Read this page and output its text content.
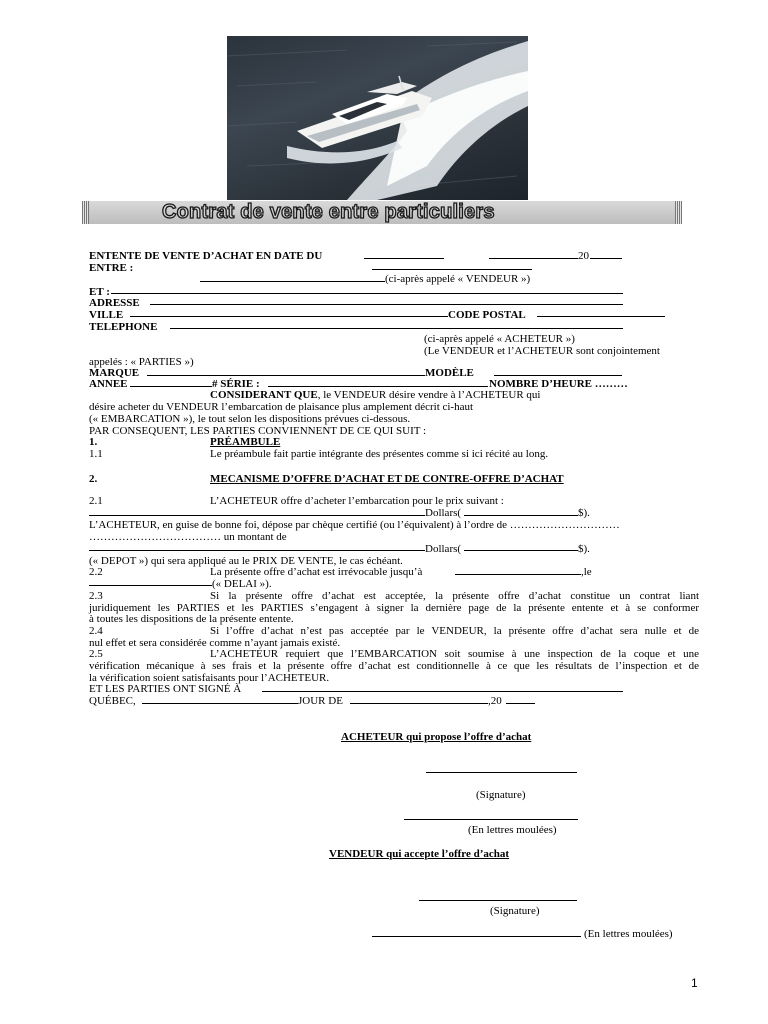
Contrat de vente entre particuliers
ENTENTE DE VENTE D’ACHAT EN DATE DU	20
ENTRE :
(ci-après appelé « VENDEUR »)
ET :
ADRESSE
VILLE	CODE POSTAL
TELEPHONE
(ci-après appelé « ACHETEUR »)
(Le VENDEUR et l’ACHETEUR sont conjointement
appelés : « PARTIES »)
MARQUE	MODÈLE
ANNEE	# SÉRIE :	NOMBRE D’HEURE ………
CONSIDERANT QUE, le VENDEUR désire vendre à l’ACHETEUR qui
désire acheter du VENDEUR l’embarcation de plaisance plus amplement décrit ci-haut
(« EMBARCATION »), le tout selon les dispositions prévues ci-dessous.
PAR CONSEQUENT, LES PARTIES CONVIENNENT DE CE QUI SUIT :
1.	PRÉAMBULE
1.1	Le préambule fait partie intégrante des présentes comme si ici récité au long.
2.	MECANISME D’OFFRE D’ACHAT ET DE CONTRE-OFFRE D’ACHAT
2.1	L’ACHETEUR offre d’acheter l’embarcation pour le prix suivant :
Dollars(	$).
L’ACHETEUR, en guise de bonne foi, dépose par chèque certifié (ou l’équivalent) à l’ordre de …………………………
……………………………… un montant de
Dollars(	$).
(« DEPOT ») qui sera appliqué au le PRIX DE VENTE, le cas échéant.
2.2	La présente offre d’achat est irrévocable jusqu’à	,le
(« DELAI »).
2.3	Si la présente offre d’achat est acceptée, la présente offre d’achat constitue un contrat liant
juridiquement les PARTIES et les PARTIES s’engagent à signer la dernière page de la présente entente et à se conformer
à toutes les dispositions de la présente entente.
2.4	Si l’offre d’achat n’est pas acceptée par le VENDEUR, la présente offre d’achat sera nulle et de
nul effet et sera considérée comme n’ayant jamais existé.
2.5	L’ACHETEUR requiert que l’EMBARCATION soit soumise à une inspection de la coque et une
vérification mécanique à ses frais et la présente offre d’achat est conditionnelle à ce que les résultats de l’inspection et de
la vérification soient satisfaisants pour l’ACHETEUR.
ET LES PARTIES ONT SIGNÉ À
QUÉBEC,	JOUR DE	,20
ACHETEUR qui propose l’offre d’achat
(Signature)
(En lettres moulées)
VENDEUR qui accepte l’offre d’achat
(Signature)
(En lettres moulées)
1
